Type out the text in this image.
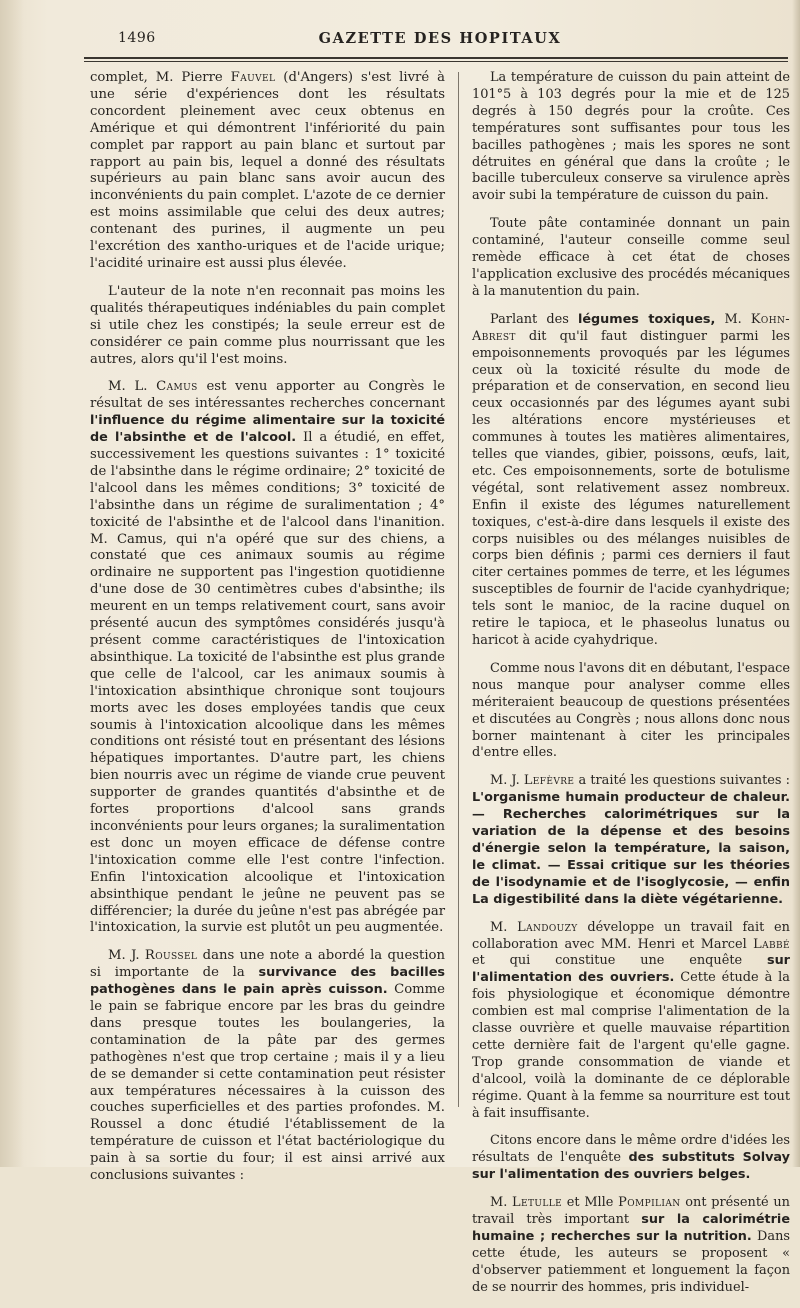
1496	GAZETTE DES HOPITAUX

complet, M. Pierre Fauvel (d'Angers) s'est livré à une série d'expériences dont les résultats concordent pleinement avec ceux obtenus en Amérique et qui démontrent l'infériorité du pain complet par rapport au pain blanc et surtout par rapport au pain bis, lequel a donné des résultats supérieurs au pain blanc sans avoir aucun des inconvénients du pain complet. L'azote de ce dernier est moins assimilable que celui des deux autres; contenant des purines, il augmente un peu l'excrétion des xantho-uriques et de l'acide urique; l'acidité urinaire est aussi plus élevée.

L'auteur de la note n'en reconnait pas moins les qualités thérapeutiques indéniables du pain complet si utile chez les constipés; la seule erreur est de considérer ce pain comme plus nourrissant que les autres, alors qu'il l'est moins.

M. L. Camus est venu apporter au Congrès le résultat de ses intéressantes recherches concernant l'influence du régime alimentaire sur la toxicité de l'absinthe et de l'alcool. Il a étudié, en effet, successivement les questions suivantes : 1° toxicité de l'absinthe dans le régime ordinaire; 2° toxicité de l'alcool dans les mêmes conditions; 3° toxicité de l'absinthe dans un régime de suralimentation ; 4° toxicité de l'absinthe et de l'alcool dans l'inanition. M. Camus, qui n'a opéré que sur des chiens, a constaté que ces animaux soumis au régime ordinaire ne supportent pas l'ingestion quotidienne d'une dose de 30 centimètres cubes d'absinthe; ils meurent en un temps relativement court, sans avoir présenté aucun des symptômes considérés jusqu'à présent comme caractéristiques de l'intoxication absinthique. La toxicité de l'absinthe est plus grande que celle de l'alcool, car les animaux soumis à l'intoxication absinthique chronique sont toujours morts avec les doses employées tandis que ceux soumis à l'intoxication alcoolique dans les mêmes conditions ont résisté tout en présentant des lésions hépatiques importantes. D'autre part, les chiens bien nourris avec un régime de viande crue peuvent supporter de grandes quantités d'absinthe et de fortes proportions d'alcool sans grands inconvénients pour leurs organes; la suralimentation est donc un moyen efficace de défense contre l'intoxication comme elle l'est contre l'infection. Enfin l'intoxication alcoolique et l'intoxication absinthique pendant le jeûne ne peuvent pas se différencier; la durée du jeûne n'est pas abrégée par l'intoxication, la survie est plutôt un peu augmentée.

M. J. Roussel dans une note a abordé la question si importante de la survivance des bacilles pathogènes dans le pain après cuisson. Comme le pain se fabrique encore par les bras du geindre dans presque toutes les boulangeries, la contamination de la pâte par des germes pathogènes n'est que trop certaine ; mais il y a lieu de se demander si cette contamination peut résister aux températures nécessaires à la cuisson des couches superficielles et des parties profondes. M. Roussel a donc étudié l'établissement de la température de cuisson et l'état bactériologique du pain à sa sortie du four; il est ainsi arrivé aux conclusions suivantes :

La température de cuisson du pain atteint de 101°5 à 103 degrés pour la mie et de 125 degrés à 150 degrés pour la croûte. Ces températures sont suffisantes pour tous les bacilles pathogènes ; mais les spores ne sont détruites en général que dans la croûte ; le bacille tuberculeux conserve sa virulence après avoir subi la température de cuisson du pain.

Toute pâte contaminée donnant un pain contaminé, l'auteur conseille comme seul remède efficace à cet état de choses l'application exclusive des procédés mécaniques à la manutention du pain.

Parlant des légumes toxiques, M. Kohn-Abrest dit qu'il faut distinguer parmi les empoisonnements provoqués par les légumes ceux où la toxicité résulte du mode de préparation et de conservation, en second lieu ceux occasionnés par des légumes ayant subi les altérations encore mystérieuses et communes à toutes les matières alimentaires, telles que viandes, gibier, poissons, œufs, lait, etc. Ces empoisonnements, sorte de botulisme végétal, sont relativement assez nombreux. Enfin il existe des légumes naturellement toxiques, c'est-à-dire dans lesquels il existe des corps nuisibles ou des mélanges nuisibles de corps bien définis ; parmi ces derniers il faut citer certaines pommes de terre, et les légumes susceptibles de fournir de l'acide cyanhydrique; tels sont le manioc, de la racine duquel on retire le tapioca, et le phaseolus lunatus ou haricot à acide cyahydrique.

Comme nous l'avons dit en débutant, l'espace nous manque pour analyser comme elles mériteraient beaucoup de questions présentées et discutées au Congrès ; nous allons donc nous borner maintenant à citer les principales d'entre elles.

M. J. Lefèvre a traité les questions suivantes : L'organisme humain producteur de chaleur. — Recherches calorimétriques sur la variation de la dépense et des besoins d'énergie selon la température, la saison, le climat. — Essai critique sur les théories de l'isodynamie et de l'isoglycosie, — enfin La digestibilité dans la diète végétarienne.

M. Landouzy développe un travail fait en collaboration avec MM. Henri et Marcel Labbé et qui constitue une enquête sur l'alimentation des ouvriers. Cette étude à la fois physiologique et économique démontre combien est mal comprise l'alimentation de la classe ouvrière et quelle mauvaise répartition cette dernière fait de l'argent qu'elle gagne. Trop grande consommation de viande et d'alcool, voilà la dominante de ce déplorable régime. Quant à la femme sa nourriture est tout à fait insuffisante.

Citons encore dans le même ordre d'idées les résultats de l'enquête des substituts Solvay sur l'alimentation des ouvriers belges.

M. Letulle et Mlle Pompilian ont présenté un travail très important sur la calorimétrie humaine ; recherches sur la nutrition. Dans cette étude, les auteurs se proposent « d'observer patiemment et longuement la façon de se nourrir des hommes, pris individuel-
